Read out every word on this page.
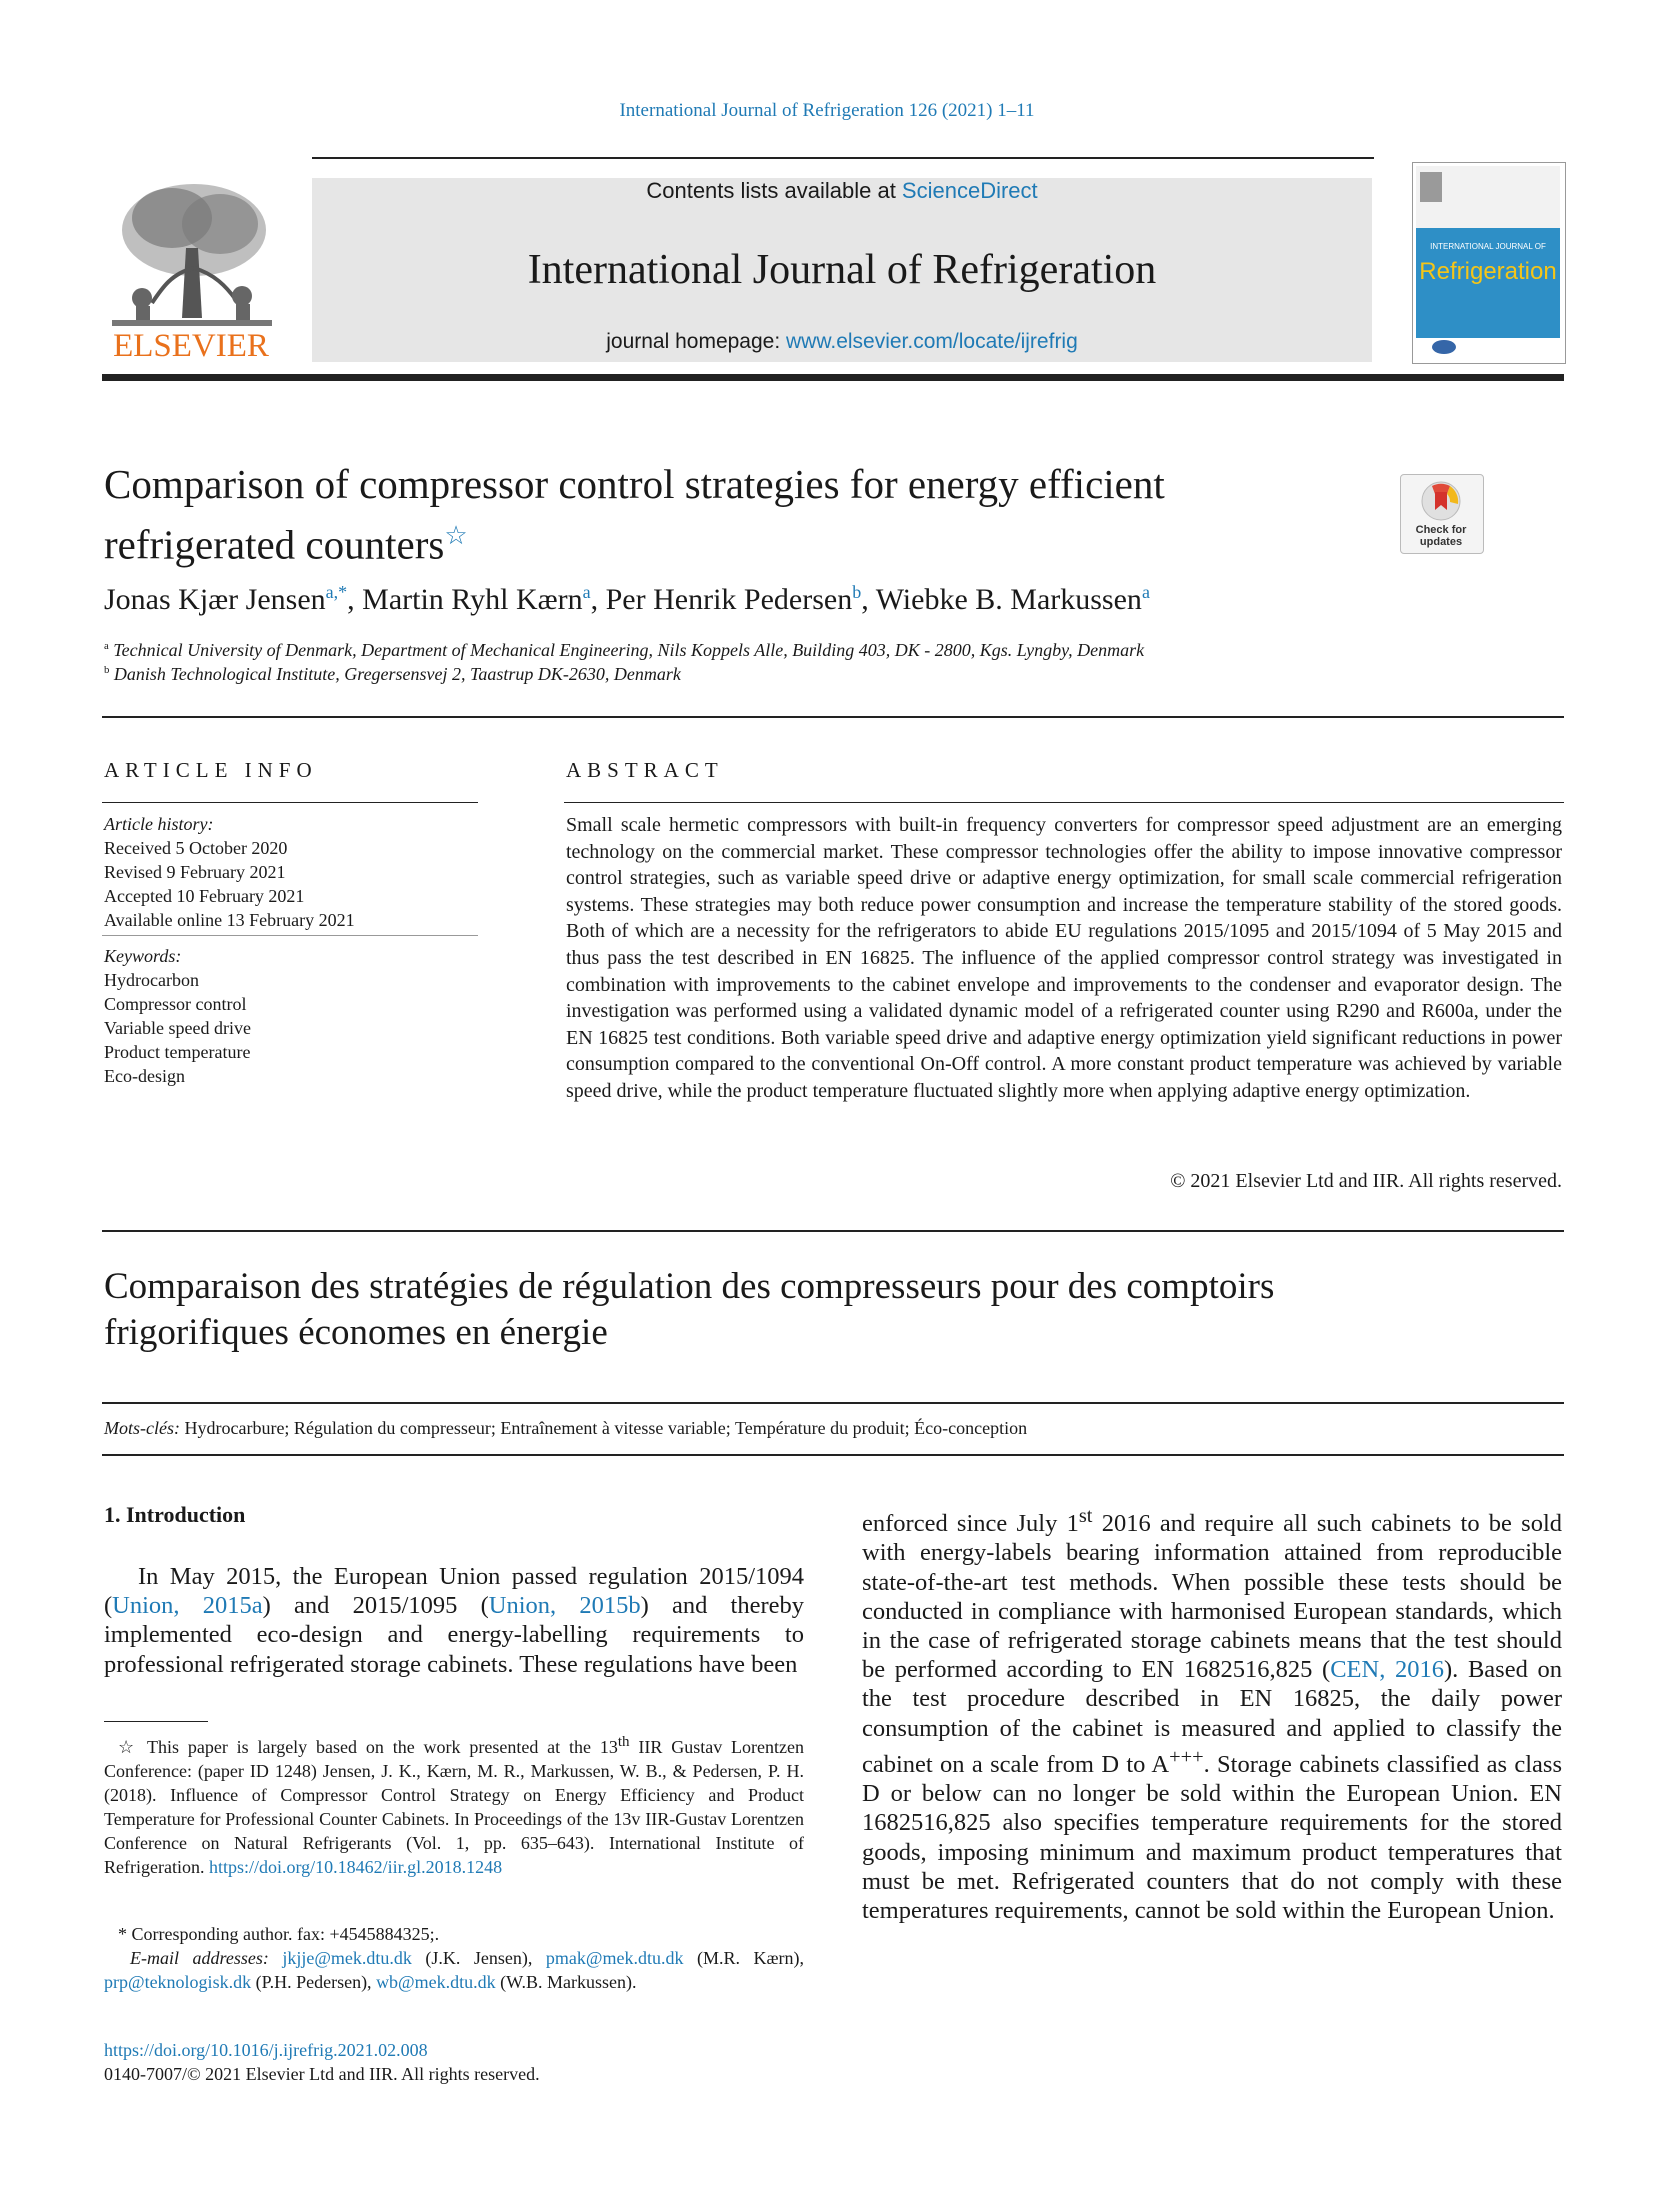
International Journal of Refrigeration 126 (2021) 1–11
ELSEVIER
Contents lists available at ScienceDirect
International Journal of Refrigeration
journal homepage: www.elsevier.com/locate/ijrefrig
INTERNATIONAL JOURNAL OF
Refrigeration
Comparison of compressor control strategies for energy efficient
refrigerated counters☆	Check for
updates
Jonas Kjær Jensen$^{a,*}$, Martin Ryhl Kærn$^a$, Per Henrik Pedersen$^b$, Wiebke B. Markussen$^a$
$^a$ Technical University of Denmark, Department of Mechanical Engineering, Nils Koppels Alle, Building 403, DK - 2800, Kgs. Lyngby, Denmark
$^b$ Danish Technological Institute, Gregersensvej 2, Taastrup DK-2630, Denmark
ARTICLE INFO
Article history:
Received 5 October 2020
Revised 9 February 2021
Accepted 10 February 2021
Available online 13 February 2021
Keywords:
Hydrocarbon
Compressor control
Variable speed drive
Product temperature
Eco-design
ABSTRACT
Small scale hermetic compressors with built-in frequency converters for compressor speed adjustment are an emerging technology on the commercial market. These compressor technologies offer the ability to impose innovative compressor control strategies, such as variable speed drive or adaptive energy optimization, for small scale commercial refrigeration systems. These strategies may both reduce power consumption and increase the temperature stability of the stored goods. Both of which are a necessity for the refrigerators to abide EU regulations 2015/1095 and 2015/1094 of 5 May 2015 and thus pass the test described in EN 16825. The influence of the applied compressor control strategy was investigated in combination with improvements to the cabinet envelope and improvements to the condenser and evaporator design. The investigation was performed using a validated dynamic model of a refrigerated counter using R290 and R600a, under the EN 16825 test conditions. Both variable speed drive and adaptive energy optimization yield significant reductions in power consumption compared to the conventional On-Off control. A more constant product temperature was achieved by variable speed drive, while the product temperature fluctuated slightly more when applying adaptive energy optimization.
© 2021 Elsevier Ltd and IIR. All rights reserved.
Comparaison des stratégies de régulation des compresseurs pour des comptoirs
frigorifiques économes en énergie
Mots-clés: Hydrocarbure; Régulation du compresseur; Entraînement à vitesse variable; Température du produit; Éco-conception
1. Introduction
In May 2015, the European Union passed regulation 2015/1094 (Union, 2015a) and 2015/1095 (Union, 2015b) and thereby implemented eco-design and energy-labelling requirements to professional refrigerated storage cabinets. These regulations have been
☆ This paper is largely based on the work presented at the 13th IIR Gustav Lorentzen Conference: (paper ID 1248) Jensen, J. K., Kærn, M. R., Markussen, W. B., & Pedersen, P. H. (2018). Influence of Compressor Control Strategy on Energy Efficiency and Product Temperature for Professional Counter Cabinets. In Proceedings of the 13v IIR-Gustav Lorentzen Conference on Natural Refrigerants (Vol. 1, pp. 635–643). International Institute of Refrigeration. https://doi.org/10.18462/iir.gl.2018.1248
* Corresponding author. fax: +4545884325;.
E-mail addresses: jkjje@mek.dtu.dk (J.K. Jensen), pmak@mek.dtu.dk (M.R. Kærn), prp@teknologisk.dk (P.H. Pedersen), wb@mek.dtu.dk (W.B. Markussen).
enforced since July 1st 2016 and require all such cabinets to be sold with energy-labels bearing information attained from reproducible state-of-the-art test methods. When possible these tests should be conducted in compliance with harmonised European standards, which in the case of refrigerated storage cabinets means that the test should be performed according to EN 1682516,825 (CEN, 2016). Based on the test procedure described in EN 16825, the daily power consumption of the cabinet is measured and applied to classify the cabinet on a scale from D to A+++. Storage cabinets classified as class D or below can no longer be sold within the European Union. EN 1682516,825 also specifies temperature requirements for the stored goods, imposing minimum and maximum product temperatures that must be met. Refrigerated counters that do not comply with these temperatures requirements, cannot be sold within the European Union.
https://doi.org/10.1016/j.ijrefrig.2021.02.008
0140-7007/© 2021 Elsevier Ltd and IIR. All rights reserved.
